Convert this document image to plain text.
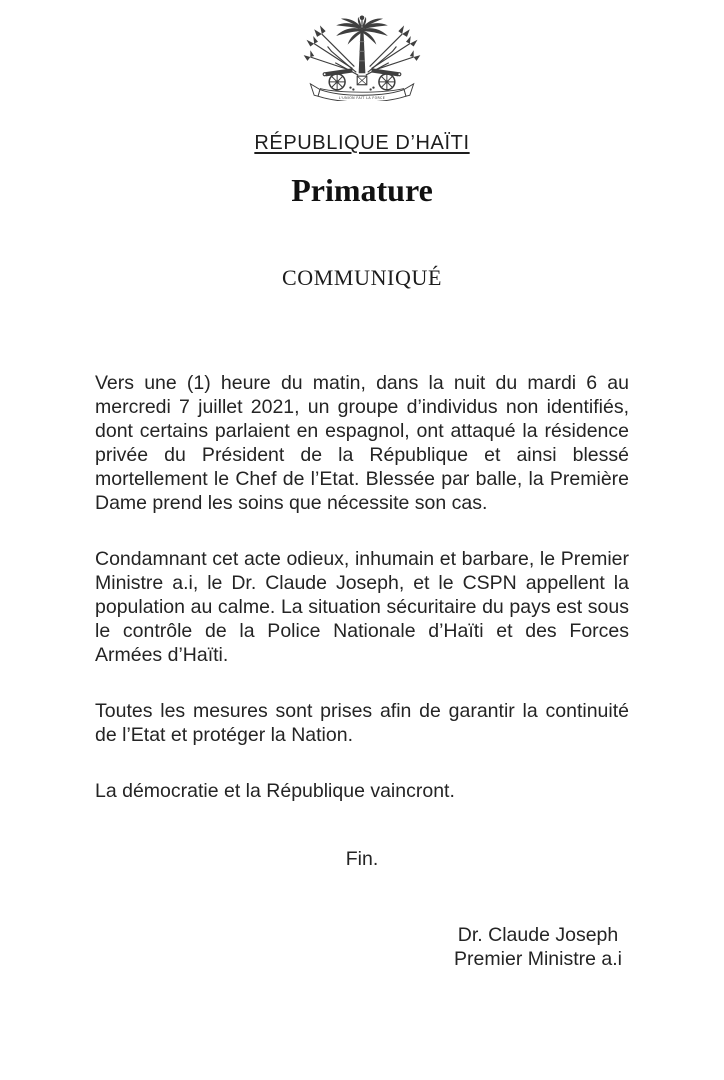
L'UNION FAIT LA FORCE
RÉPUBLIQUE D’HAÏTI
Primature
COMMUNIQUÉ

Vers une (1) heure du matin, dans la nuit du mardi 6 au mercredi 7 juillet 2021, un groupe d’individus non identifiés, dont certains parlaient en espagnol, ont attaqué la résidence privée du Président de la République et ainsi blessé mortellement le Chef de l’Etat. Blessée par balle, la Première Dame prend les soins que nécessite son cas.

Condamnant cet acte odieux, inhumain et barbare, le Premier Ministre a.i, le Dr. Claude Joseph, et le CSPN appellent la population au calme. La situation sécuritaire du pays est sous le contrôle de la Police Nationale d’Haïti et des Forces Armées d’Haïti.

Toutes les mesures sont prises afin de garantir la continuité de l’Etat et protéger la Nation.

La démocratie et la République vaincront.

Fin.
Dr. Claude Joseph
Premier Ministre a.i
